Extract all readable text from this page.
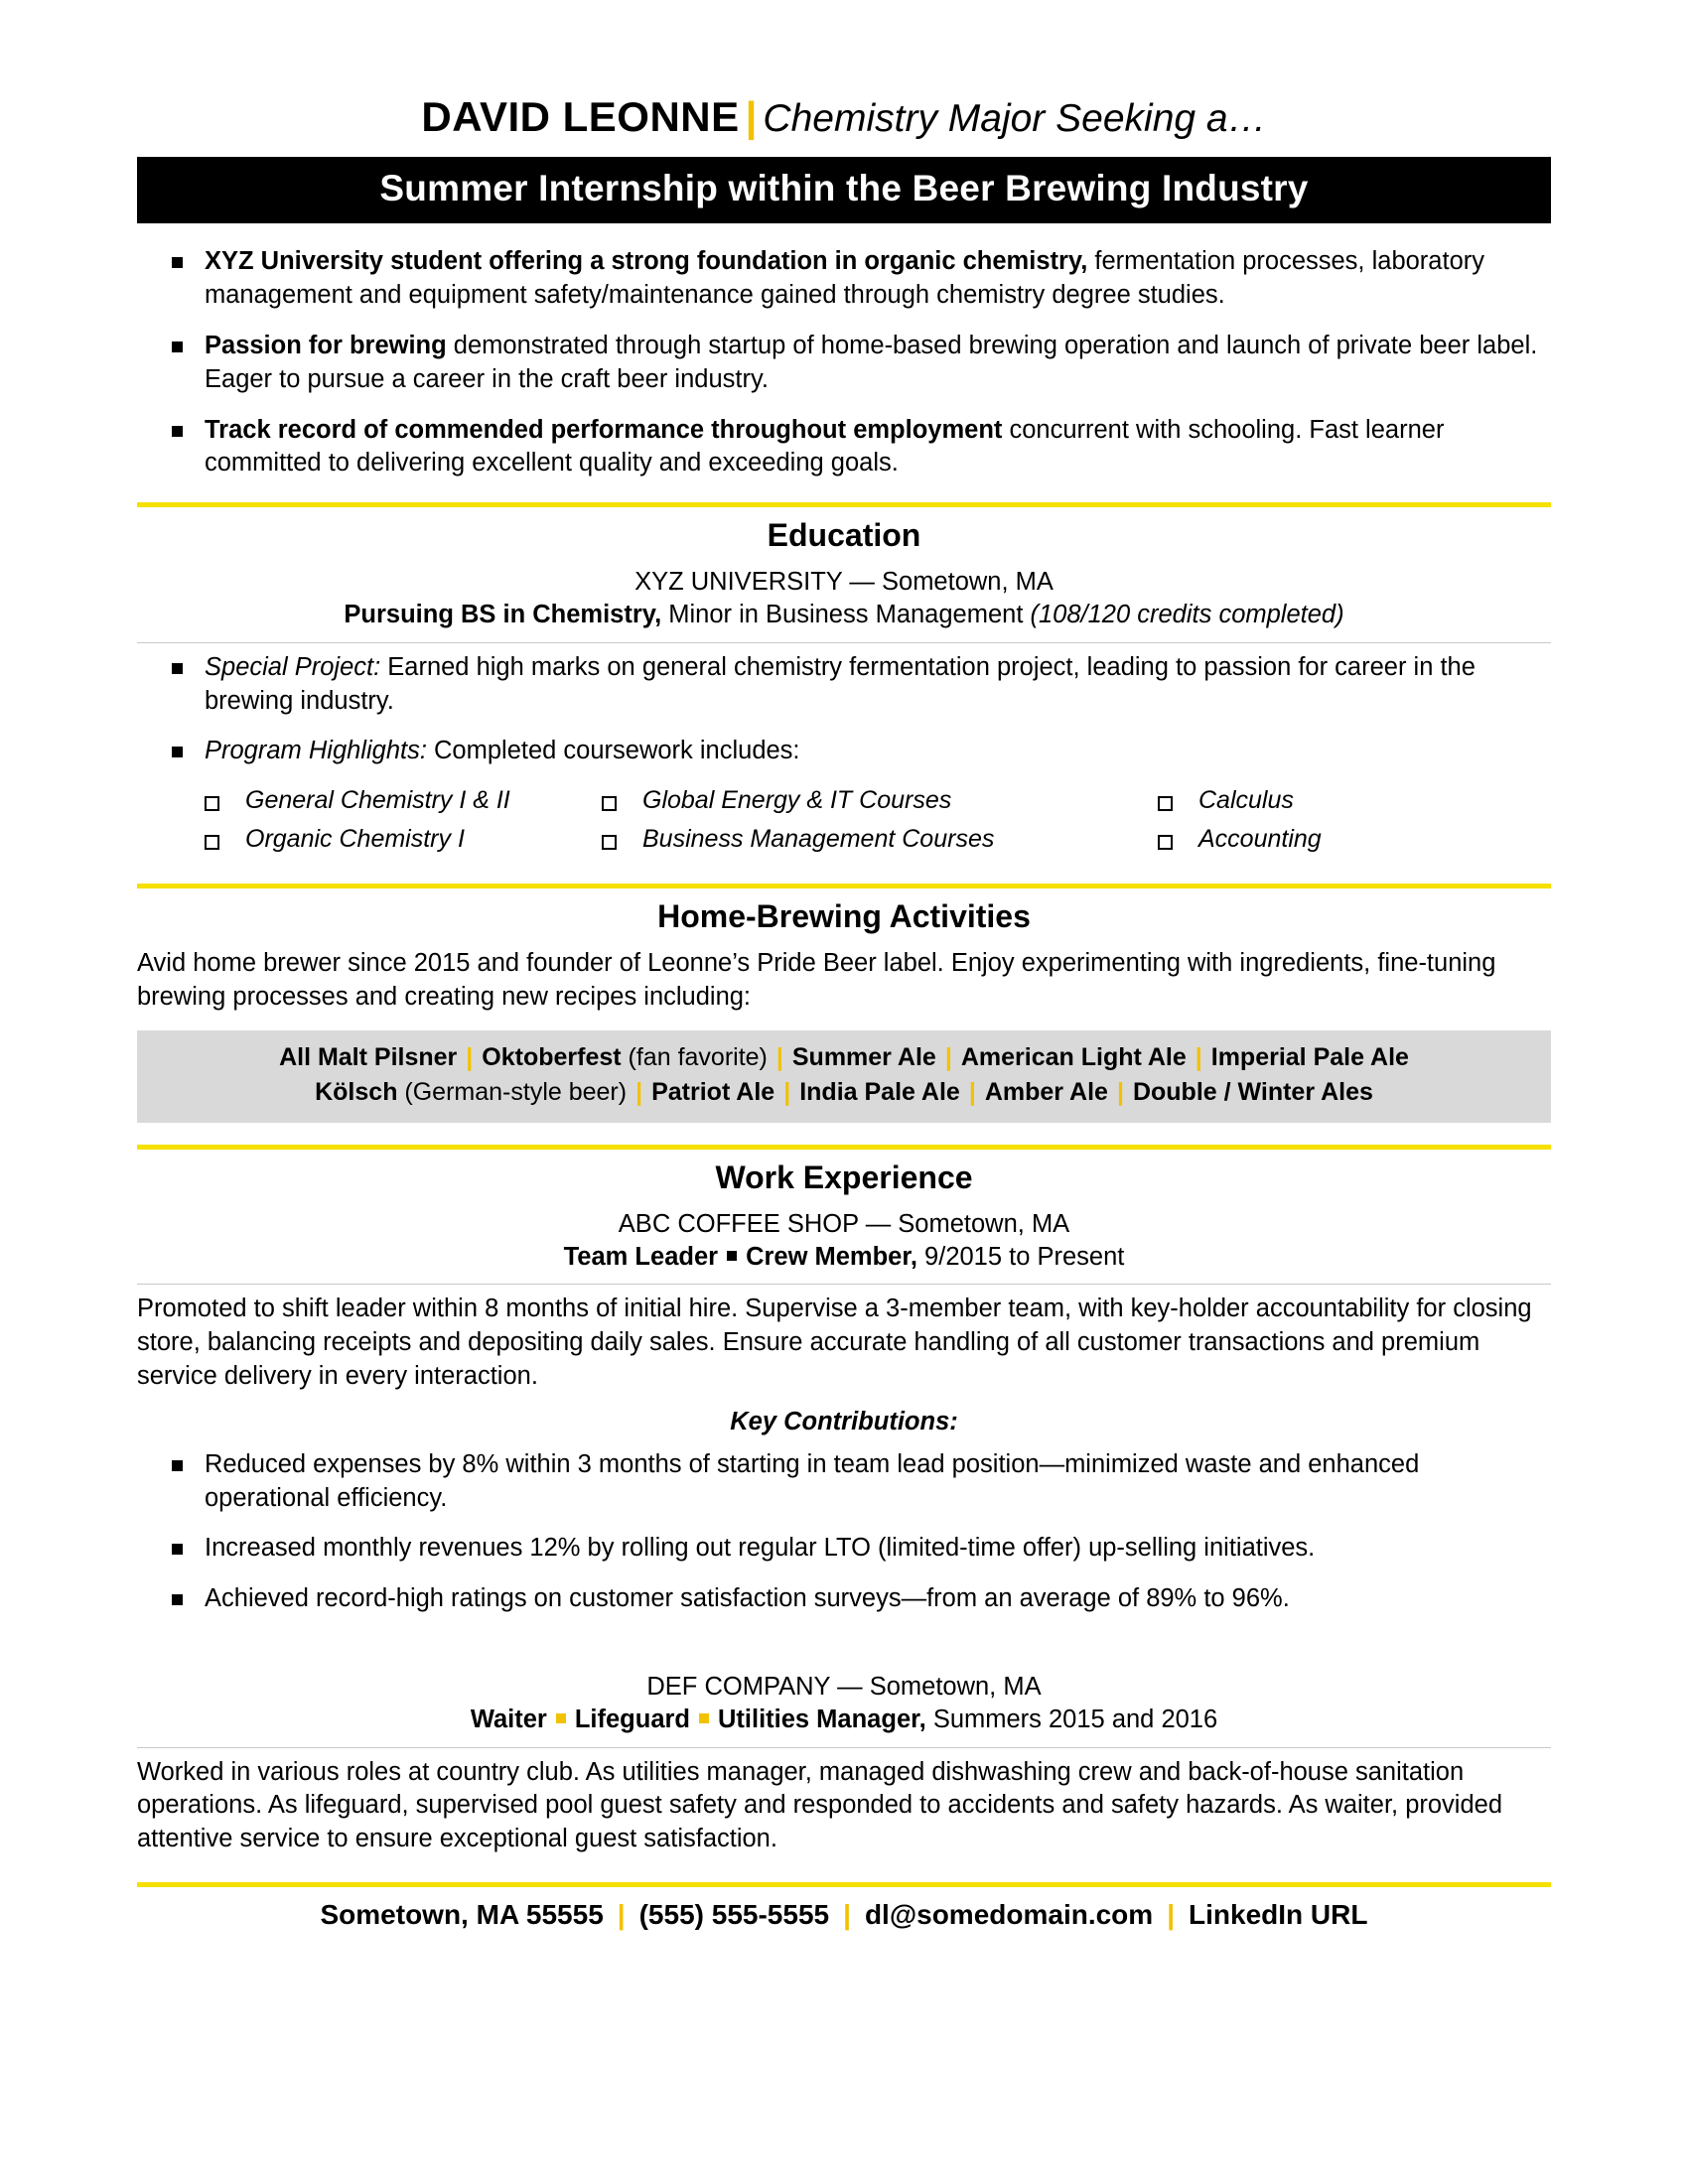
DAVID LEONNE | Chemistry Major Seeking a…
Summer Internship within the Beer Brewing Industry
XYZ University student offering a strong foundation in organic chemistry, fermentation processes, laboratory management and equipment safety/maintenance gained through chemistry degree studies.
Passion for brewing demonstrated through startup of home-based brewing operation and launch of private beer label. Eager to pursue a career in the craft beer industry.
Track record of commended performance throughout employment concurrent with schooling. Fast learner committed to delivering excellent quality and exceeding goals.
Education
XYZ UNIVERSITY — Sometown, MA
Pursuing BS in Chemistry, Minor in Business Management (108/120 credits completed)
Special Project: Earned high marks on general chemistry fermentation project, leading to passion for career in the brewing industry.
Program Highlights: Completed coursework includes:
General Chemistry I & II
Organic Chemistry I
Global Energy & IT Courses
Business Management Courses
Calculus
Accounting
Home-Brewing Activities
Avid home brewer since 2015 and founder of Leonne’s Pride Beer label. Enjoy experimenting with ingredients, fine-tuning brewing processes and creating new recipes including:
All Malt Pilsner | Oktoberfest (fan favorite) | Summer Ale | American Light Ale | Imperial Pale Ale
Kölsch (German-style beer) | Patriot Ale | India Pale Ale | Amber Ale | Double / Winter Ales
Work Experience
ABC COFFEE SHOP — Sometown, MA
Team Leader Crew Member, 9/2015 to Present
Promoted to shift leader within 8 months of initial hire. Supervise a 3-member team, with key-holder accountability for closing store, balancing receipts and depositing daily sales. Ensure accurate handling of all customer transactions and premium service delivery in every interaction.
Key Contributions:
Reduced expenses by 8% within 3 months of starting in team lead position—minimized waste and enhanced operational efficiency.
Increased monthly revenues 12% by rolling out regular LTO (limited-time offer) up-selling initiatives.
Achieved record-high ratings on customer satisfaction surveys—from an average of 89% to 96%.
DEF COMPANY — Sometown, MA
Waiter Lifeguard Utilities Manager, Summers 2015 and 2016
Worked in various roles at country club. As utilities manager, managed dishwashing crew and back-of-house sanitation operations. As lifeguard, supervised pool guest safety and responded to accidents and safety hazards. As waiter, provided attentive service to ensure exceptional guest satisfaction.
Sometown, MA 55555 | (555) 555-5555 | dl@somedomain.com | LinkedIn URL
